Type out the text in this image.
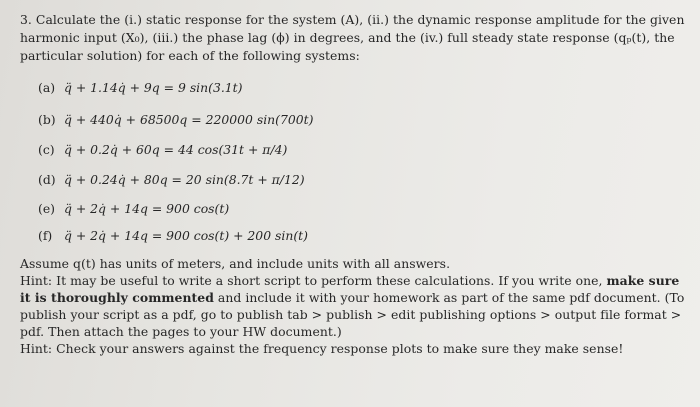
3. Calculate the (i.) static response for the system (A), (ii.) the dynamic response amplitude for the given
harmonic input (X₀), (iii.) the phase lag (ϕ) in degrees, and the (iv.) full steady state response (qₚ(t), the
particular solution) for each of the following systems:
(a) q̈ + 1.14q̇ + 9q = 9 sin(3.1t)
(b) q̈ + 440q̇ + 68500q = 220000 sin(700t)
(c) q̈ + 0.2q̇ + 60q = 44 cos(31t + π/4)
(d) q̈ + 0.24q̇ + 80q = 20 sin(8.7t + π/12)
(e) q̈ + 2q̇ + 14q = 900 cos(t)
(f) q̈ + 2q̇ + 14q = 900 cos(t) + 200 sin(t)
Assume q(t) has units of meters, and include units with all answers.
Hint: It may be useful to write a short script to perform these calculations. If you write one, make sure
it is thoroughly commented and include it with your homework as part of the same pdf document. (To
publish your script as a pdf, go to publish tab > publish > edit publishing options > output file format >
pdf. Then attach the pages to your HW document.)
Hint: Check your answers against the frequency response plots to make sure they make sense!
